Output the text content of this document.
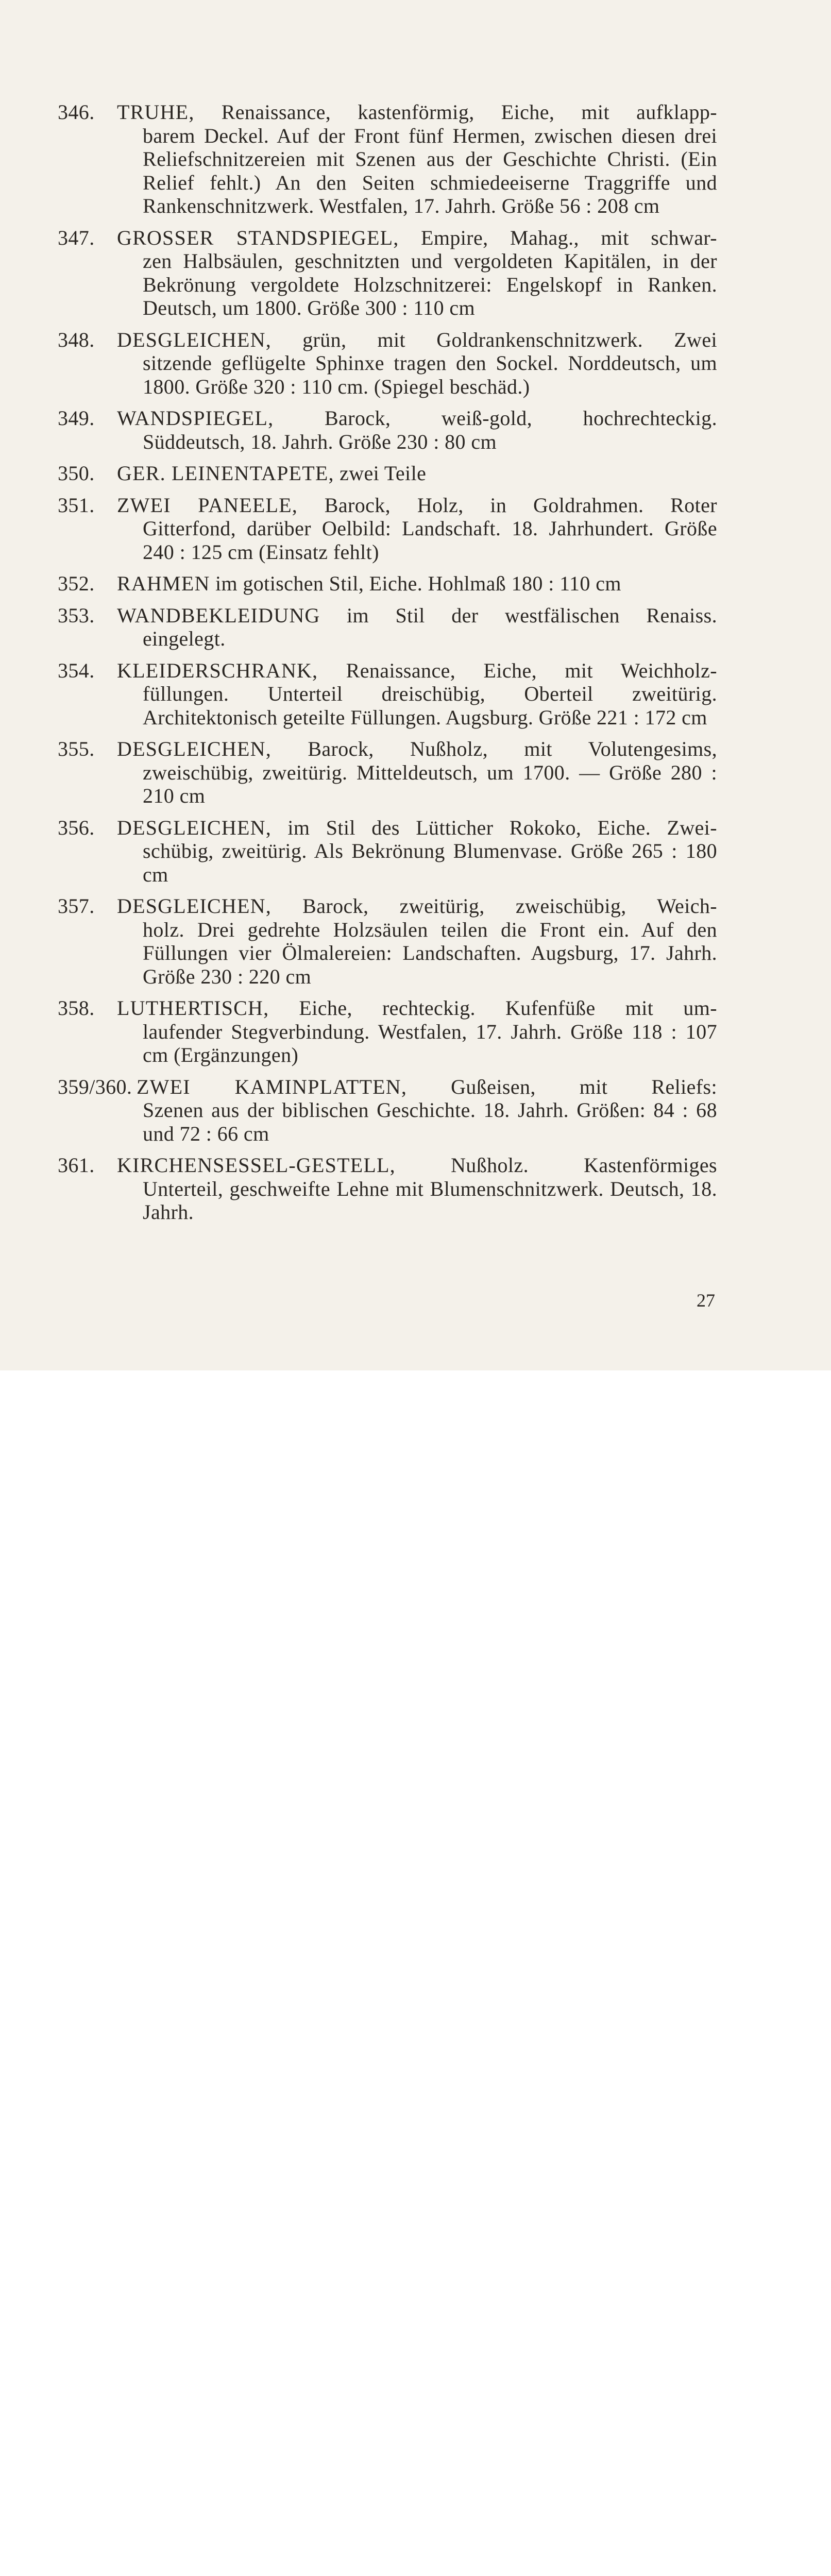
346. TRUHE, Renaissance, kastenförmig, Eiche, mit aufklapp-
barem Deckel. Auf der Front fünf Hermen, zwischen diesen drei Reliefschnitzereien mit Szenen aus der Geschichte Christi. (Ein Relief fehlt.) An den Seiten schmiedeeiserne Traggriffe und Rankenschnitzwerk. Westfalen, 17. Jahrh. Größe 56 : 208 cm
347. GROSSER STANDSPIEGEL, Empire, Mahag., mit schwar-
zen Halbsäulen, geschnitzten und vergoldeten Kapitälen, in der Bekrönung vergoldete Holzschnitzerei: Engelskopf in Ranken. Deutsch, um 1800. Größe 300 : 110 cm
348. DESGLEICHEN, grün, mit Goldrankenschnitzwerk. Zwei
sitzende geflügelte Sphinxe tragen den Sockel. Norddeutsch, um 1800. Größe 320 : 110 cm. (Spiegel beschäd.)
349. WANDSPIEGEL, Barock, weiß-gold, hochrechteckig.
Süddeutsch, 18. Jahrh. Größe 230 : 80 cm
350. GER. LEINENTAPETE, zwei Teile
351. ZWEI PANEELE, Barock, Holz, in Goldrahmen. Roter
Gitterfond, darüber Oelbild: Landschaft. 18. Jahrhundert. Größe 240 : 125 cm (Einsatz fehlt)
352. RAHMEN im gotischen Stil, Eiche. Hohlmaß 180 : 110 cm
353. WANDBEKLEIDUNG im Stil der westfälischen Renaiss.
eingelegt.
354. KLEIDERSCHRANK, Renaissance, Eiche, mit Weichholz-
füllungen. Unterteil dreischübig, Oberteil zweitürig. Architektonisch geteilte Füllungen. Augsburg. Größe 221 : 172 cm
355. DESGLEICHEN, Barock, Nußholz, mit Volutengesims,
zweischübig, zweitürig. Mitteldeutsch, um 1700. — Größe 280 : 210 cm
356. DESGLEICHEN, im Stil des Lütticher Rokoko, Eiche. Zwei-
schübig, zweitürig. Als Bekrönung Blumenvase. Größe 265 : 180 cm
357. DESGLEICHEN, Barock, zweitürig, zweischübig, Weich-
holz. Drei gedrehte Holzsäulen teilen die Front ein. Auf den Füllungen vier Ölmalereien: Landschaften. Augsburg, 17. Jahrh. Größe 230 : 220 cm
358. LUTHERTISCH, Eiche, rechteckig. Kufenfüße mit um-
laufender Stegverbindung. Westfalen, 17. Jahrh. Größe 118 : 107 cm (Ergänzungen)
359/360. ZWEI KAMINPLATTEN, Gußeisen, mit Reliefs:
Szenen aus der biblischen Geschichte. 18. Jahrh. Größen: 84 : 68 und 72 : 66 cm
361. KIRCHENSESSEL-GESTELL,	Nußholz. Kastenförmiges
Unterteil, geschweifte Lehne mit Blumenschnitzwerk. Deutsch, 18. Jahrh.
27
